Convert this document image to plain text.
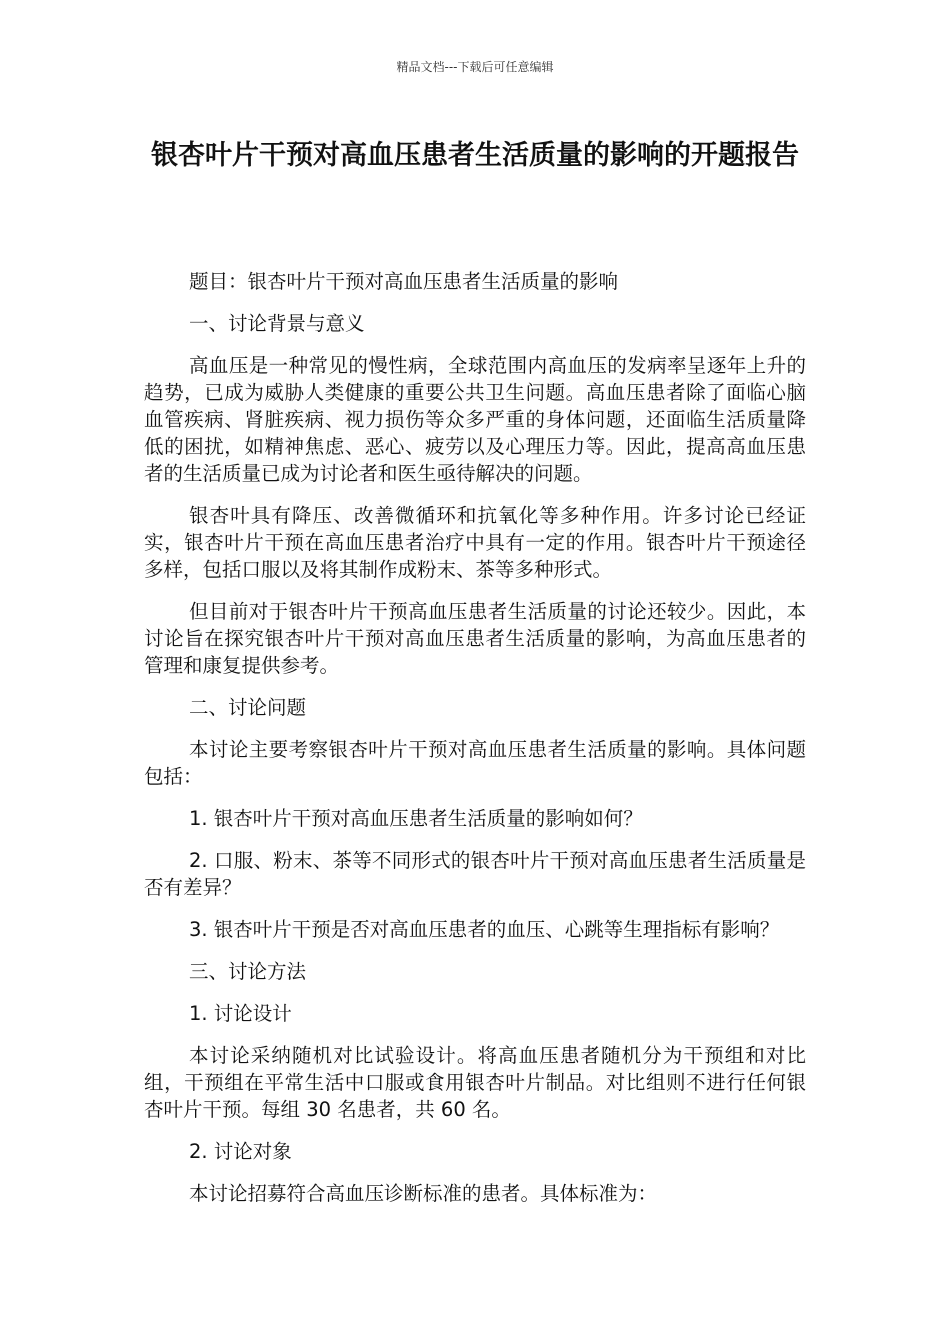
精品文档---下载后可任意编辑
银杏叶片干预对高血压患者生活质量的影响的开题报告

题目：银杏叶片干预对高血压患者生活质量的影响

一、讨论背景与意义

高血压是一种常见的慢性病，全球范围内高血压的发病率呈逐年上升的趋势，已成为威胁人类健康的重要公共卫生问题。高血压患者除了面临心脑血管疾病、肾脏疾病、视力损伤等众多严重的身体问题，还面临生活质量降低的困扰，如精神焦虑、恶心、疲劳以及心理压力等。因此，提高高血压患者的生活质量已成为讨论者和医生亟待解决的问题。

银杏叶具有降压、改善微循环和抗氧化等多种作用。许多讨论已经证实，银杏叶片干预在高血压患者治疗中具有一定的作用。银杏叶片干预途径多样，包括口服以及将其制作成粉末、茶等多种形式。

但目前对于银杏叶片干预高血压患者生活质量的讨论还较少。因此，本讨论旨在探究银杏叶片干预对高血压患者生活质量的影响，为高血压患者的管理和康复提供参考。

二、讨论问题

本讨论主要考察银杏叶片干预对高血压患者生活质量的影响。具体问题包括：

1. 银杏叶片干预对高血压患者生活质量的影响如何？

2. 口服、粉末、茶等不同形式的银杏叶片干预对高血压患者生活质量是否有差异？

3. 银杏叶片干预是否对高血压患者的血压、心跳等生理指标有影响？

三、讨论方法

1. 讨论设计

本讨论采纳随机对比试验设计。将高血压患者随机分为干预组和对比组，干预组在平常生活中口服或食用银杏叶片制品。对比组则不进行任何银杏叶片干预。每组 30 名患者，共 60 名。

2. 讨论对象

本讨论招募符合高血压诊断标准的患者。具体标准为：
